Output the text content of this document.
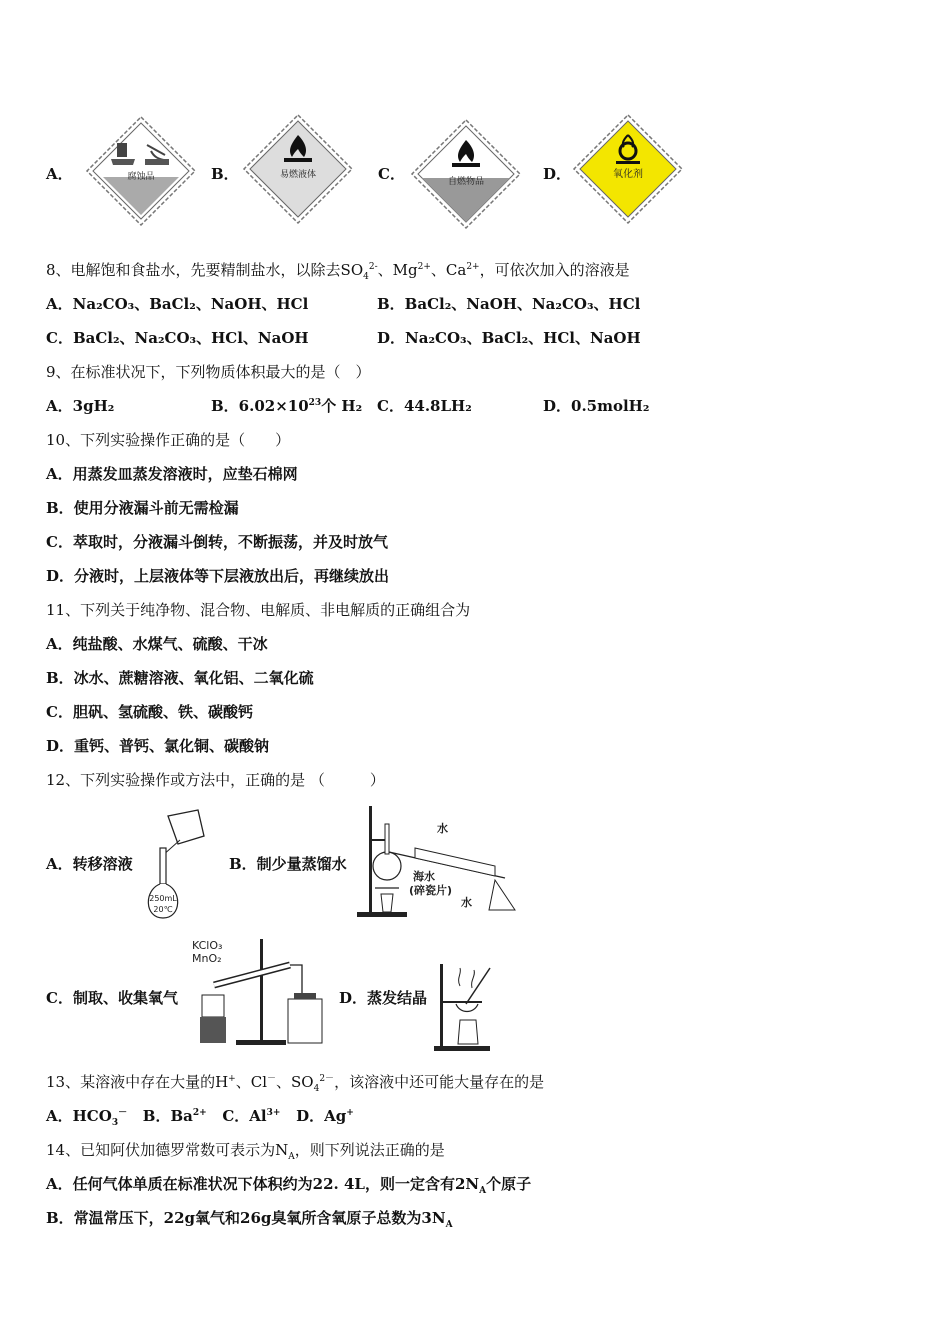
A．	腐蚀品	B．	易燃液体	C．	自燃物品	D．	氧化剂
8、电解饱和食盐水，先要精制盐水，以除去$SO_4^{2-}$、$Mg^{2+}$、$Ca^{2+}$，可依次加入的溶液是
A．Na₂CO₃、BaCl₂、NaOH、HCl	B．BaCl₂、NaOH、Na₂CO₃、HCl
C．BaCl₂、Na₂CO₃、HCl、NaOH	D．Na₂CO₃、BaCl₂、HCl、NaOH
9、在标准状况下，下列物质体积最大的是（　）
A．3gH₂	B．$6.02\times 10^{23}$个 H₂ C．44.8LH₂	D．0.5molH₂
10、下列实验操作正确的是（　　）
A．用蒸发皿蒸发溶液时，应垫石棉网
B．使用分液漏斗前无需检漏
C．萃取时，分液漏斗倒转，不断振荡，并及时放气
D．分液时，上层液体等下层液放出后，再继续放出
11、下列关于纯净物、混合物、电解质、非电解质的正确组合为
A．纯盐酸、水煤气、硫酸、干冰
B．冰水、蔗糖溶液、氧化铝、二氧化硫
C．胆矾、氢硫酸、铁、碳酸钙
D．重钙、普钙、氯化铜、碳酸钠
12、下列实验操作或方法中，正确的是 （　　　）
A．转移溶液
250mL
20℃
B．制少量蒸馏水
水
海水
(碎瓷片)
水
C．制取、收集氧气
KClO₃
MnO₂
D．蒸发结晶
13、某溶液中存在大量的H+、Cl－、$SO_4^{2-}$，该溶液中还可能大量存在的是
A．$HCO_3^-$ B．$Ba^{2+}$ C．$Al^{3+}$ D．Ag+
14、已知阿伏加德罗常数可表示为$N_A$，则下列说法正确的是
A．任何气体单质在标准状况下体积约为22. 4L，则一定含有$2N_A$个原子
B．常温常压下，22g氧气和26g臭氧所含氧原子总数为$3N_A$
